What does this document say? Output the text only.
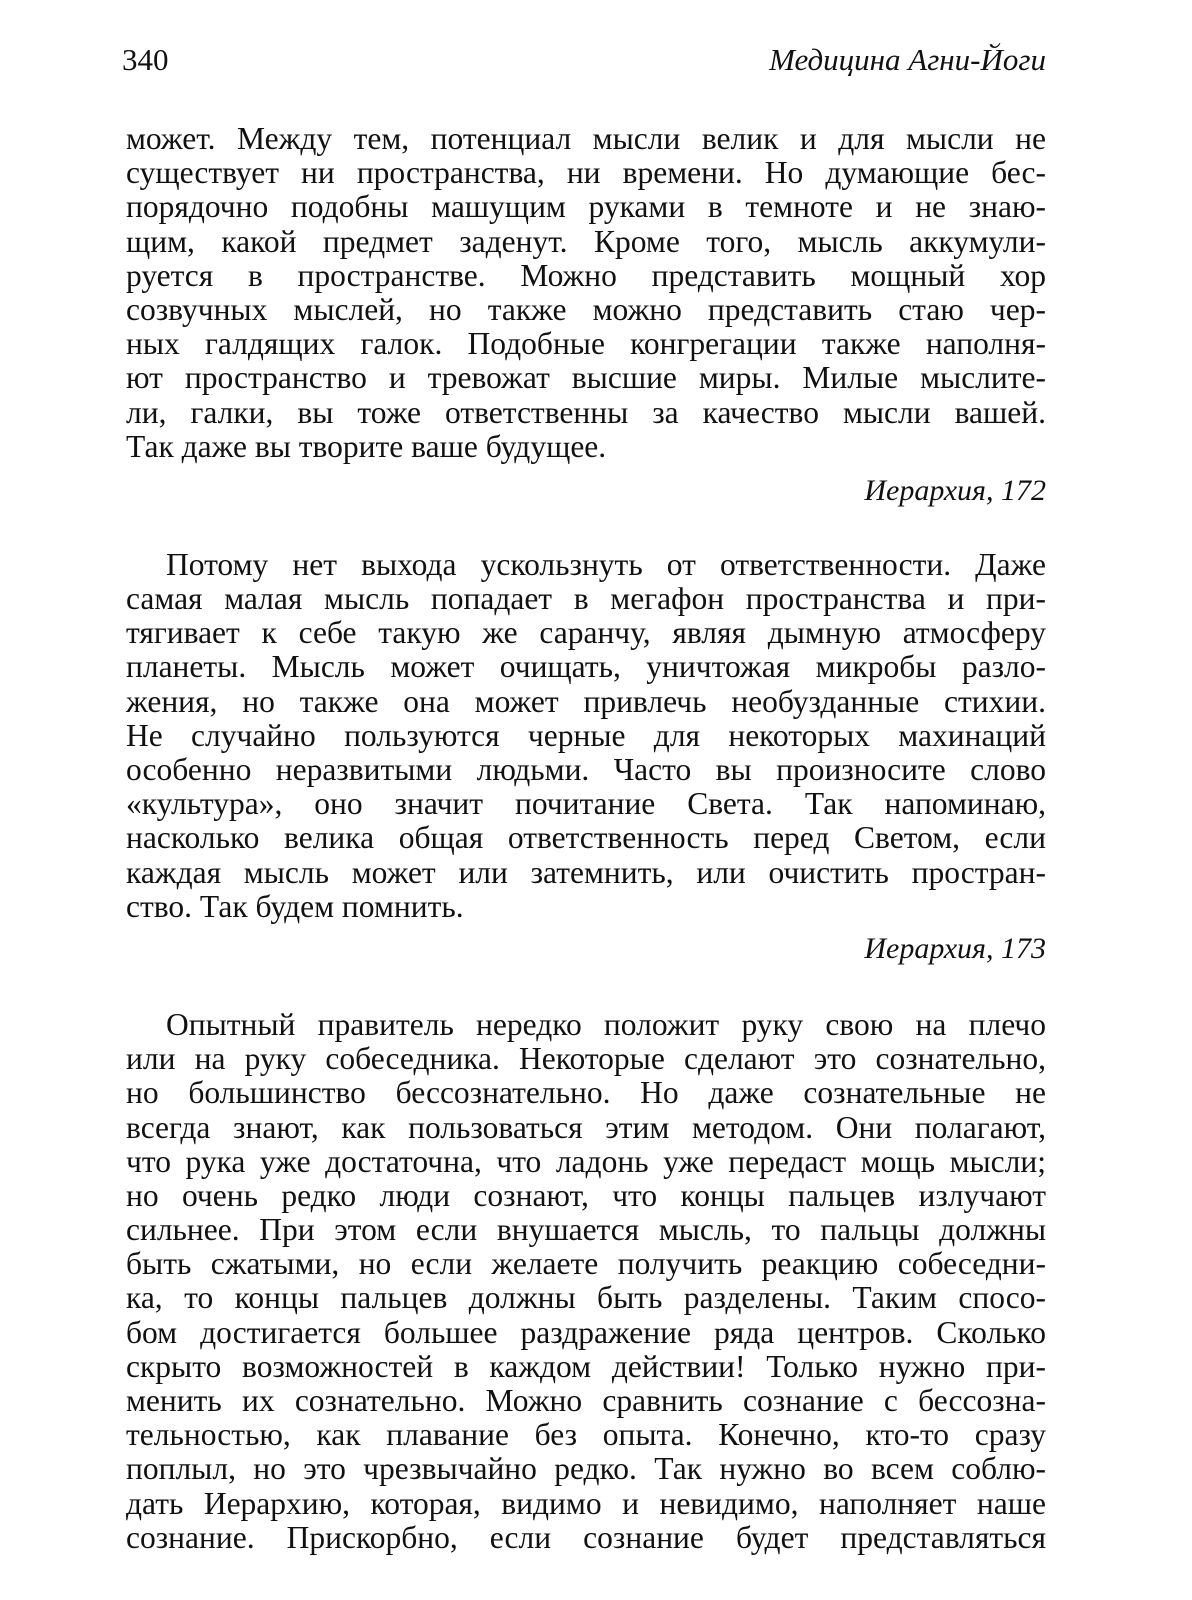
340	Медицина Агни-Йоги
может. Между тем, потенциал мысли велик и для мысли не
существует ни пространства, ни времени. Но думающие бес-
порядочно подобны машущим руками в темноте и не знаю-
щим, какой предмет заденут. Кроме того, мысль аккумули-
руется в пространстве. Можно представить мощный хор
созвучных мыслей, но также можно представить стаю чер-
ных галдящих галок. Подобные конгрегации также наполня-
ют пространство и тревожат высшие миры. Милые мыслите-
ли, галки, вы тоже ответственны за качество мысли вашей.
Так даже вы творите ваше будущее.
Иерархия, 172
Потому нет выхода ускользнуть от ответственности. Даже
самая малая мысль попадает в мегафон пространства и при-
тягивает к себе такую же саранчу, являя дымную атмосферу
планеты. Мысль может очищать, уничтожая микробы разло-
жения, но также она может привлечь необузданные стихии.
Не случайно пользуются черные для некоторых махинаций
особенно неразвитыми людьми. Часто вы произносите слово
«культура», оно значит почитание Света. Так напоминаю,
насколько велика общая ответственность перед Светом, если
каждая мысль может или затемнить, или очистить простран-
ство. Так будем помнить.
Иерархия, 173
Опытный правитель нередко положит руку свою на плечо
или на руку собеседника. Некоторые сделают это сознательно,
но большинство бессознательно. Но даже сознательные не
всегда знают, как пользоваться этим методом. Они полагают,
что рука уже достаточна, что ладонь уже передаст мощь мысли;
но очень редко люди сознают, что концы пальцев излучают
сильнее. При этом если внушается мысль, то пальцы должны
быть сжатыми, но если желаете получить реакцию собеседни-
ка, то концы пальцев должны быть разделены. Таким спосо-
бом достигается большее раздражение ряда центров. Сколько
скрыто возможностей в каждом действии! Только нужно при-
менить их сознательно. Можно сравнить сознание с бессозна-
тельностью, как плавание без опыта. Конечно, кто-то сразу
поплыл, но это чрезвычайно редко. Так нужно во всем соблю-
дать Иерархию, которая, видимо и невидимо, наполняет наше
сознание. Прискорбно, если сознание будет представляться
